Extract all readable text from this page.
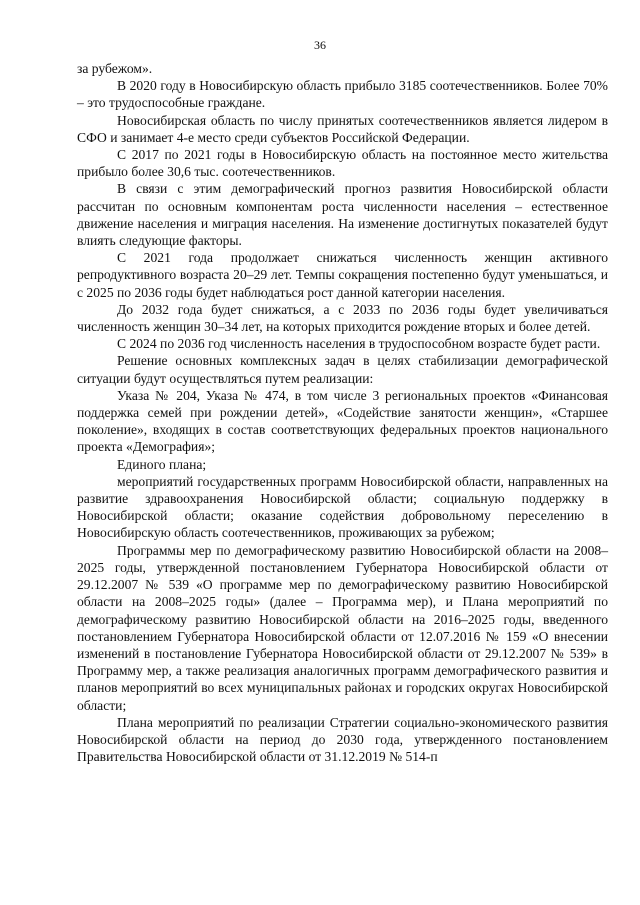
36

за рубежом».

В 2020 году в Новосибирскую область прибыло 3185 соотечественников. Более 70% – это трудоспособные граждане.

Новосибирская область по числу принятых соотечественников является лидером в СФО и занимает 4-е место среди субъектов Российской Федерации.

С 2017 по 2021 годы в Новосибирскую область на постоянное место жительства прибыло более 30,6 тыс. соотечественников.

В связи с этим демографический прогноз развития Новосибирской области рассчитан по основным компонентам роста численности населения – естественное движение населения и миграция населения. На изменение достигнутых показателей будут влиять следующие факторы.

С 2021 года продолжает снижаться численность женщин активного репродуктивного возраста 20–29 лет. Темпы сокращения постепенно будут уменьшаться, и с 2025 по 2036 годы будет наблюдаться рост данной категории населения.

До 2032 года будет снижаться, а с 2033 по 2036 годы будет увеличиваться численность женщин 30–34 лет, на которых приходится рождение вторых и более детей.

С 2024 по 2036 год численность населения в трудоспособном возрасте будет расти.

Решение основных комплексных задач в целях стабилизации демографической ситуации будут осуществляться путем реализации:

Указа № 204, Указа № 474, в том числе 3 региональных проектов «Финансовая поддержка семей при рождении детей», «Содействие занятости женщин», «Старшее поколение», входящих в состав соответствующих федеральных проектов национального проекта «Демография»;

Единого плана;

мероприятий государственных программ Новосибирской области, направленных на развитие здравоохранения Новосибирской области; социальную поддержку в Новосибирской области; оказание содействия добровольному переселению в Новосибирскую область соотечественников, проживающих за рубежом;

Программы мер по демографическому развитию Новосибирской области на 2008–2025 годы, утвержденной постановлением Губернатора Новосибирской области от 29.12.2007 № 539 «О программе мер по демографическому развитию Новосибирской области на 2008–2025 годы» (далее – Программа мер), и Плана мероприятий по демографическому развитию Новосибирской области на 2016–2025 годы, введенного постановлением Губернатора Новосибирской области от 12.07.2016 № 159 «О внесении изменений в постановление Губернатора Новосибирской области от 29.12.2007 № 539» в Программу мер, а также реализация аналогичных программ демографического развития и планов мероприятий во всех муниципальных районах и городских округах Новосибирской области;

Плана мероприятий по реализации Стратегии социально-экономического развития Новосибирской области на период до 2030 года, утвержденного постановлением Правительства Новосибирской области от 31.12.2019 № 514-п
